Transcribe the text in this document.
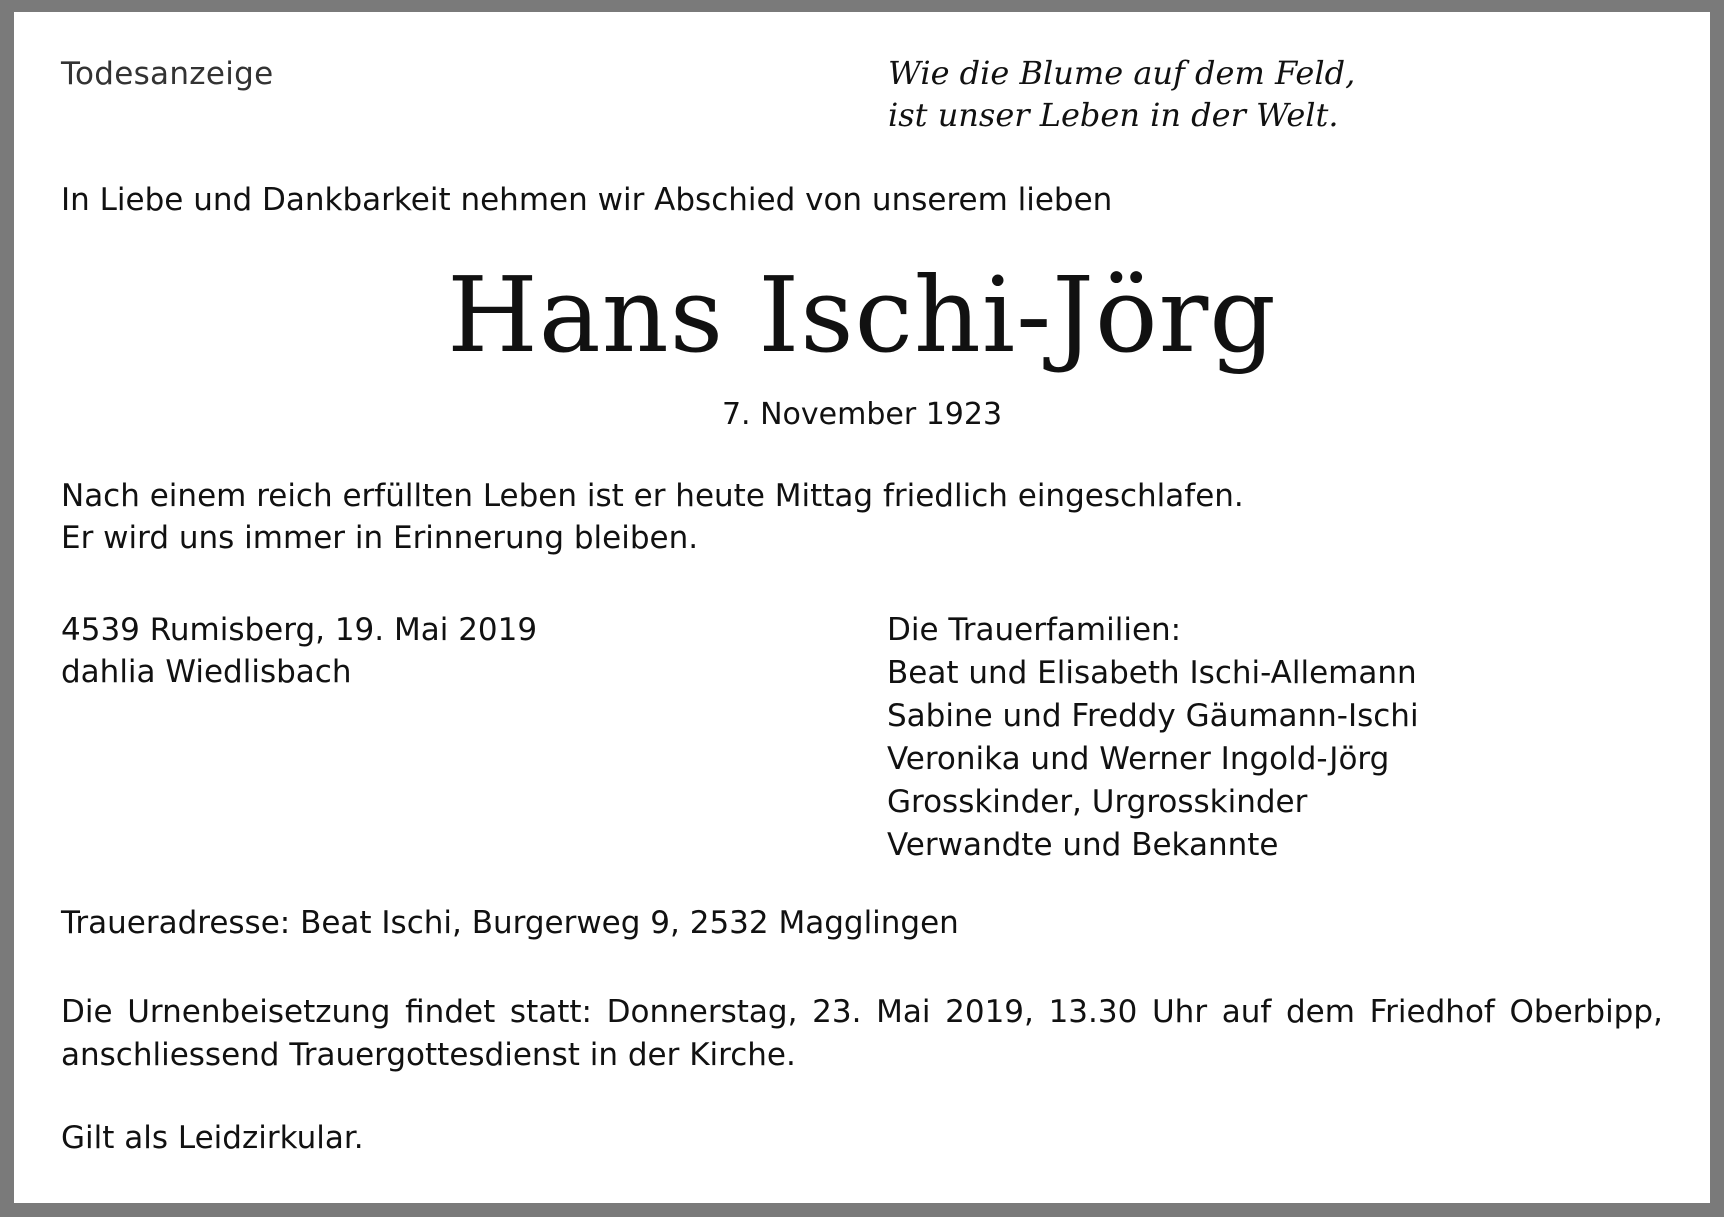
Todesanzeige	Wie die Blume auf dem Feld,
ist unser Leben in der Welt.
In Liebe und Dankbarkeit nehmen wir Abschied von unserem lieben
Hans Ischi-Jörg
7. November 1923
Nach einem reich erfüllten Leben ist er heute Mittag friedlich eingeschlafen.
Er wird uns immer in Erinnerung bleiben.
4539 Rumisberg, 19. Mai 2019
dahlia Wiedlisbach
Die Trauerfamilien:
Beat und Elisabeth Ischi-Allemann
Sabine und Freddy Gäumann-Ischi
Veronika und Werner Ingold-Jörg
Grosskinder, Urgrosskinder
Verwandte und Bekannte
Traueradresse: Beat Ischi, Burgerweg 9, 2532 Magglingen
Die Urnenbeisetzung findet statt: Donnerstag, 23. Mai 2019, 13.30 Uhr auf dem Friedhof Oberbipp,
anschliessend Trauergottesdienst in der Kirche.
Gilt als Leidzirkular.
